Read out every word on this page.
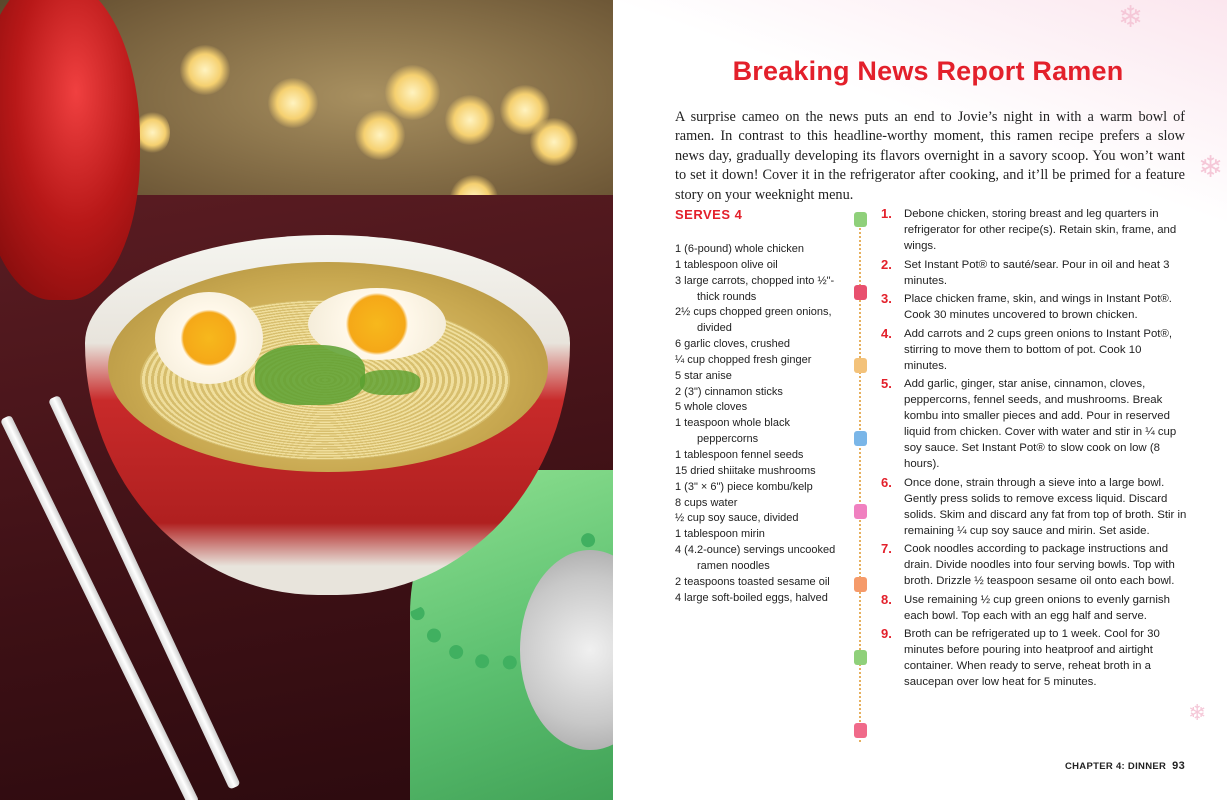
❄
❄
❄
Breaking News Report Ramen

A surprise cameo on the news puts an end to Jovie’s night in with a warm bowl of ramen. In contrast to this headline-worthy moment, this ramen recipe prefers a slow news day, gradually developing its flavors overnight in a savory scoop. You won’t want to set it down! Cover it in the refrigerator after cooking, and it’ll be primed for a feature story on your weeknight menu.

SERVES 4
1 (6-pound) whole chicken
1 tablespoon olive oil
3 large carrots, chopped into ½"-thick rounds
2½ cups chopped green onions, divided
6 garlic cloves, crushed
¼ cup chopped fresh ginger
5 star anise
2 (3") cinnamon sticks
5 whole cloves
1 teaspoon whole black peppercorns
1 tablespoon fennel seeds
15 dried shiitake mushrooms
1 (3" × 6") piece kombu/kelp
8 cups water
½ cup soy sauce, divided
1 tablespoon mirin
4 (4.2-ounce) servings uncooked ramen noodles
2 teaspoons toasted sesame oil
4 large soft-boiled eggs, halved
1.	Debone chicken, storing breast and leg quarters in refrigerator for other recipe(s). Retain skin, frame, and wings.
2.	Set Instant Pot® to sauté/sear. Pour in oil and heat 3 minutes.
3.	Place chicken frame, skin, and wings in Instant Pot®. Cook 30 minutes uncovered to brown chicken.
4.	Add carrots and 2 cups green onions to Instant Pot®, stirring to move them to bottom of pot. Cook 10 minutes.
5.	Add garlic, ginger, star anise, cinnamon, cloves, peppercorns, fennel seeds, and mushrooms. Break kombu into smaller pieces and add. Pour in reserved liquid from chicken. Cover with water and stir in ¼ cup soy sauce. Set Instant Pot® to slow cook on low (8 hours).
6.	Once done, strain through a sieve into a large bowl. Gently press solids to remove excess liquid. Discard solids. Skim and discard any fat from top of broth. Stir in remaining ¼ cup soy sauce and mirin. Set aside.
7.	Cook noodles according to package instructions and drain. Divide noodles into four serving bowls. Top with broth. Drizzle ½ teaspoon sesame oil onto each bowl.
8.	Use remaining ½ cup green onions to evenly garnish each bowl. Top each with an egg half and serve.
9.	Broth can be refrigerated up to 1 week. Cool for 30 minutes before pouring into heatproof and airtight container. When ready to serve, reheat broth in a saucepan over low heat for 5 minutes.
CHAPTER 4: DINNER 93
